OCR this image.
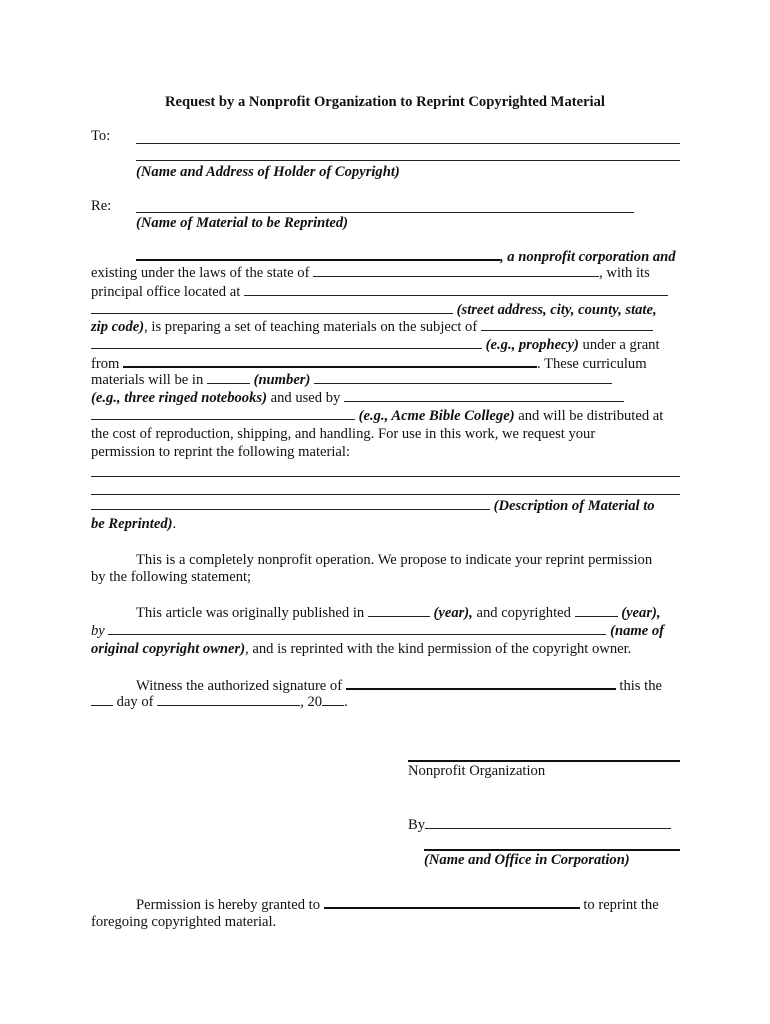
Request by a Nonprofit Organization to Reprint Copyrighted Material
To:
(Name and Address of Holder of Copyright)
Re:
(Name of Material to be Reprinted)
, a nonprofit corporation and
existing under the laws of the state of	, with its
principal office located at
(street address, city, county, state,
zip code), is preparing a set of teaching materials on the subject of
(e.g., prophecy) under a grant
from	. These curriculum
materials will be in	(number)
(e.g., three ringed notebooks) and used by
(e.g., Acme Bible College) and will be distributed at
the cost of reproduction, shipping, and handling. For use in this work, we request your
permission to reprint the following material:
(Description of Material to
be Reprinted).
This is a completely nonprofit operation. We propose to indicate your reprint permission
by the following statement;
This article was originally published in	(year), and copyrighted	(year),
by	(name of
original copyright owner), and is reprinted with the kind permission of the copyright owner.
Witness the authorized signature of	this the
day of	, 20 .
Nonprofit Organization
By
(Name and Office in Corporation)
Permission is hereby granted to	to reprint the
foregoing copyrighted material.
